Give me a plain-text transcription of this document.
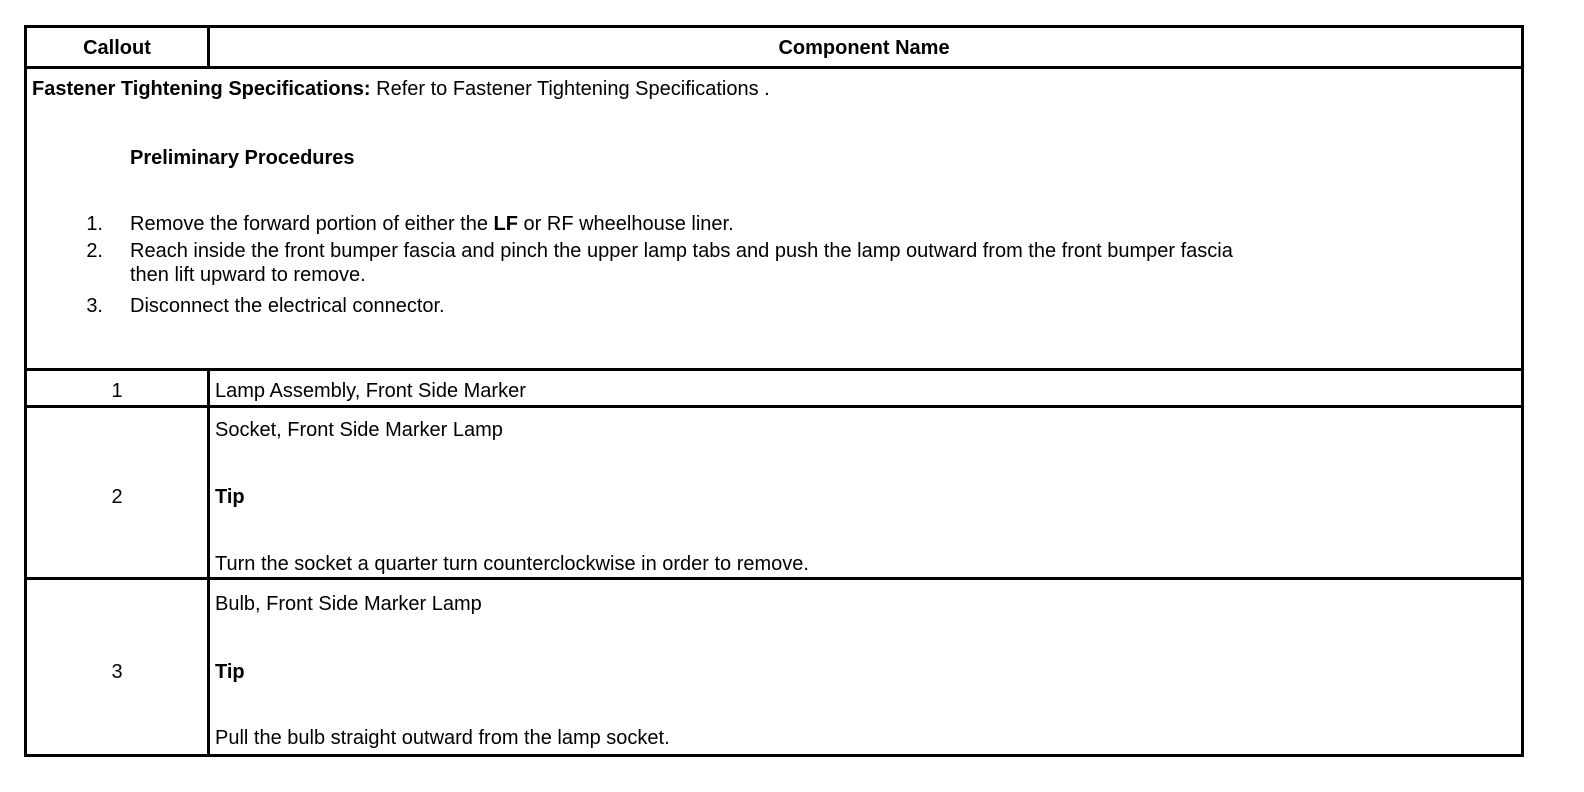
Callout	Component Name
Fastener Tightening Specifications: Refer to Fastener Tightening Specifications .
Preliminary Procedures
1. Remove the forward portion of either the LF or RF wheelhouse liner.
2. Reach inside the front bumper fascia and pinch the upper lamp tabs and push the lamp outward from the front bumper fascia
then lift upward to remove.
3. Disconnect the electrical connector.
1	Lamp Assembly, Front Side Marker
2
Socket, Front Side Marker Lamp
Tip
Turn the socket a quarter turn counterclockwise in order to remove.
3
Bulb, Front Side Marker Lamp
Tip
Pull the bulb straight outward from the lamp socket.
